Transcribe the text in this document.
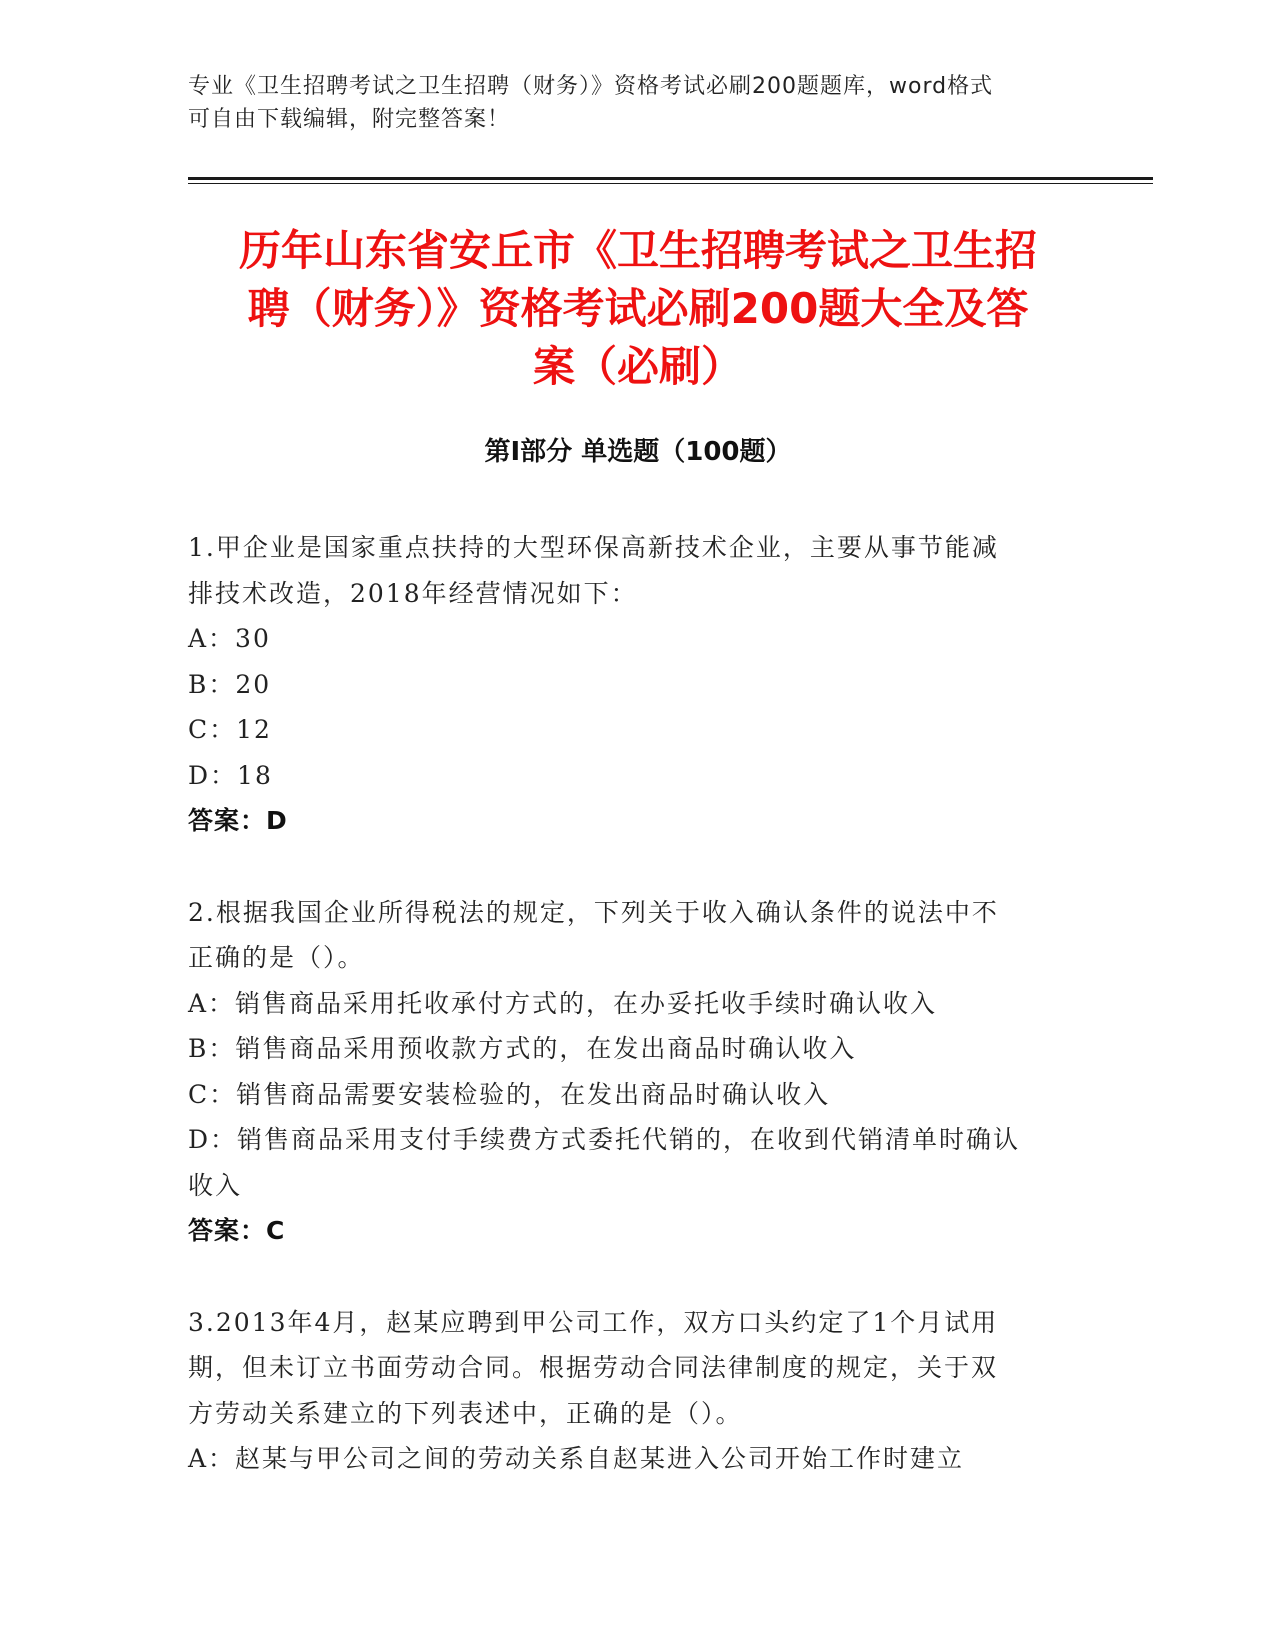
专业《卫生招聘考试之卫生招聘（财务）》资格考试必刷200题题库，word格式
可自由下载编辑，附完整答案！
历年山东省安丘市《卫生招聘考试之卫生招
聘（财务）》资格考试必刷200题大全及答
案（必刷）
第Ⅰ部分 单选题（100题）

1.甲企业是国家重点扶持的大型环保高新技术企业，主要从事节能减

排技术改造，2018年经营情况如下：

A：30

B：20

C：12

D：18

答案：D

2.根据我国企业所得税法的规定，下列关于收入确认条件的说法中不

正确的是（）。

A：销售商品采用托收承付方式的，在办妥托收手续时确认收入

B：销售商品采用预收款方式的，在发出商品时确认收入

C：销售商品需要安装检验的，在发出商品时确认收入

D：销售商品采用支付手续费方式委托代销的，在收到代销清单时确认

收入

答案：C

3.2013年4月，赵某应聘到甲公司工作，双方口头约定了1个月试用

期，但未订立书面劳动合同。根据劳动合同法律制度的规定，关于双

方劳动关系建立的下列表述中，正确的是（）。

A：赵某与甲公司之间的劳动关系自赵某进入公司开始工作时建立
